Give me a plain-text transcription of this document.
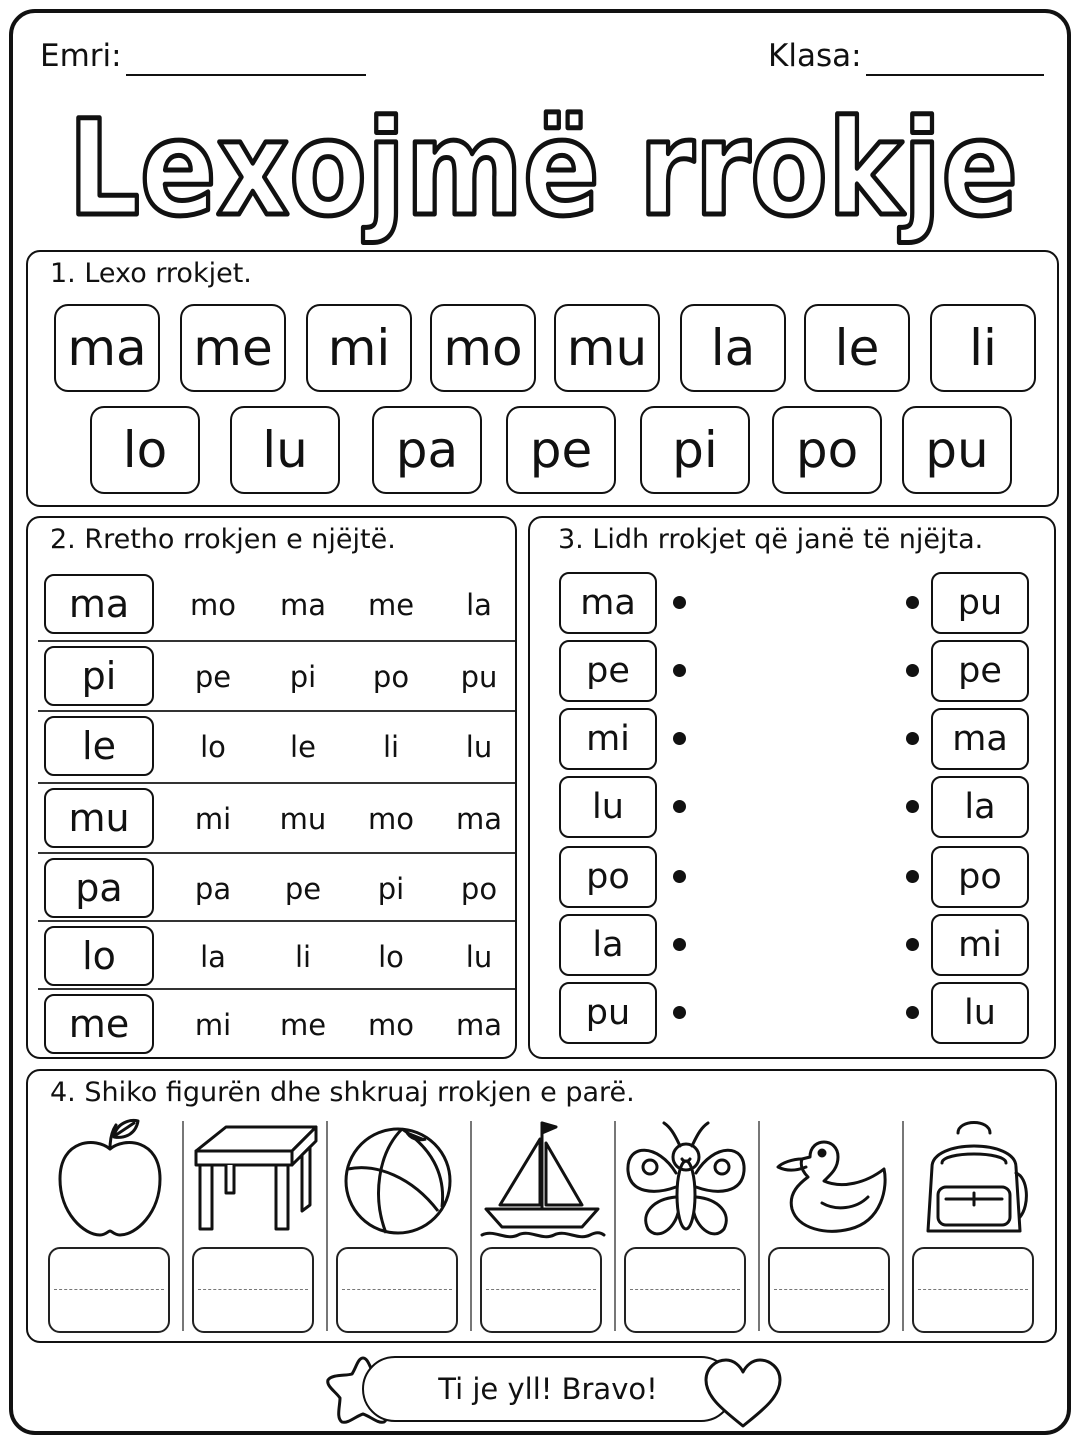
Emri:	Klasa:
Lexojmë rrokje
1. Lexo rrokjet.
ma me	mi	mo mu	la	le	li
lo	lu	pa	pe	pi	po	pu
2. Rretho rrokjen e njëjtë.
ma	mo	ma	me	la
pi	pe	pi	po	pu
le	lo	le	li	lu
mu	mi	mu	mo	ma
pa	pa	pe	pi	po
lo	la	li	lo	lu
me	mi	me	mo	ma
3. Lidh rrokjet që janë të njëjta.
ma	pu
pe	pe
mi	ma
lu	la
po	po
la	mi
pu	lu
4. Shiko figurën dhe shkruaj rrokjen e parë.
Ti je yll! Bravo!
